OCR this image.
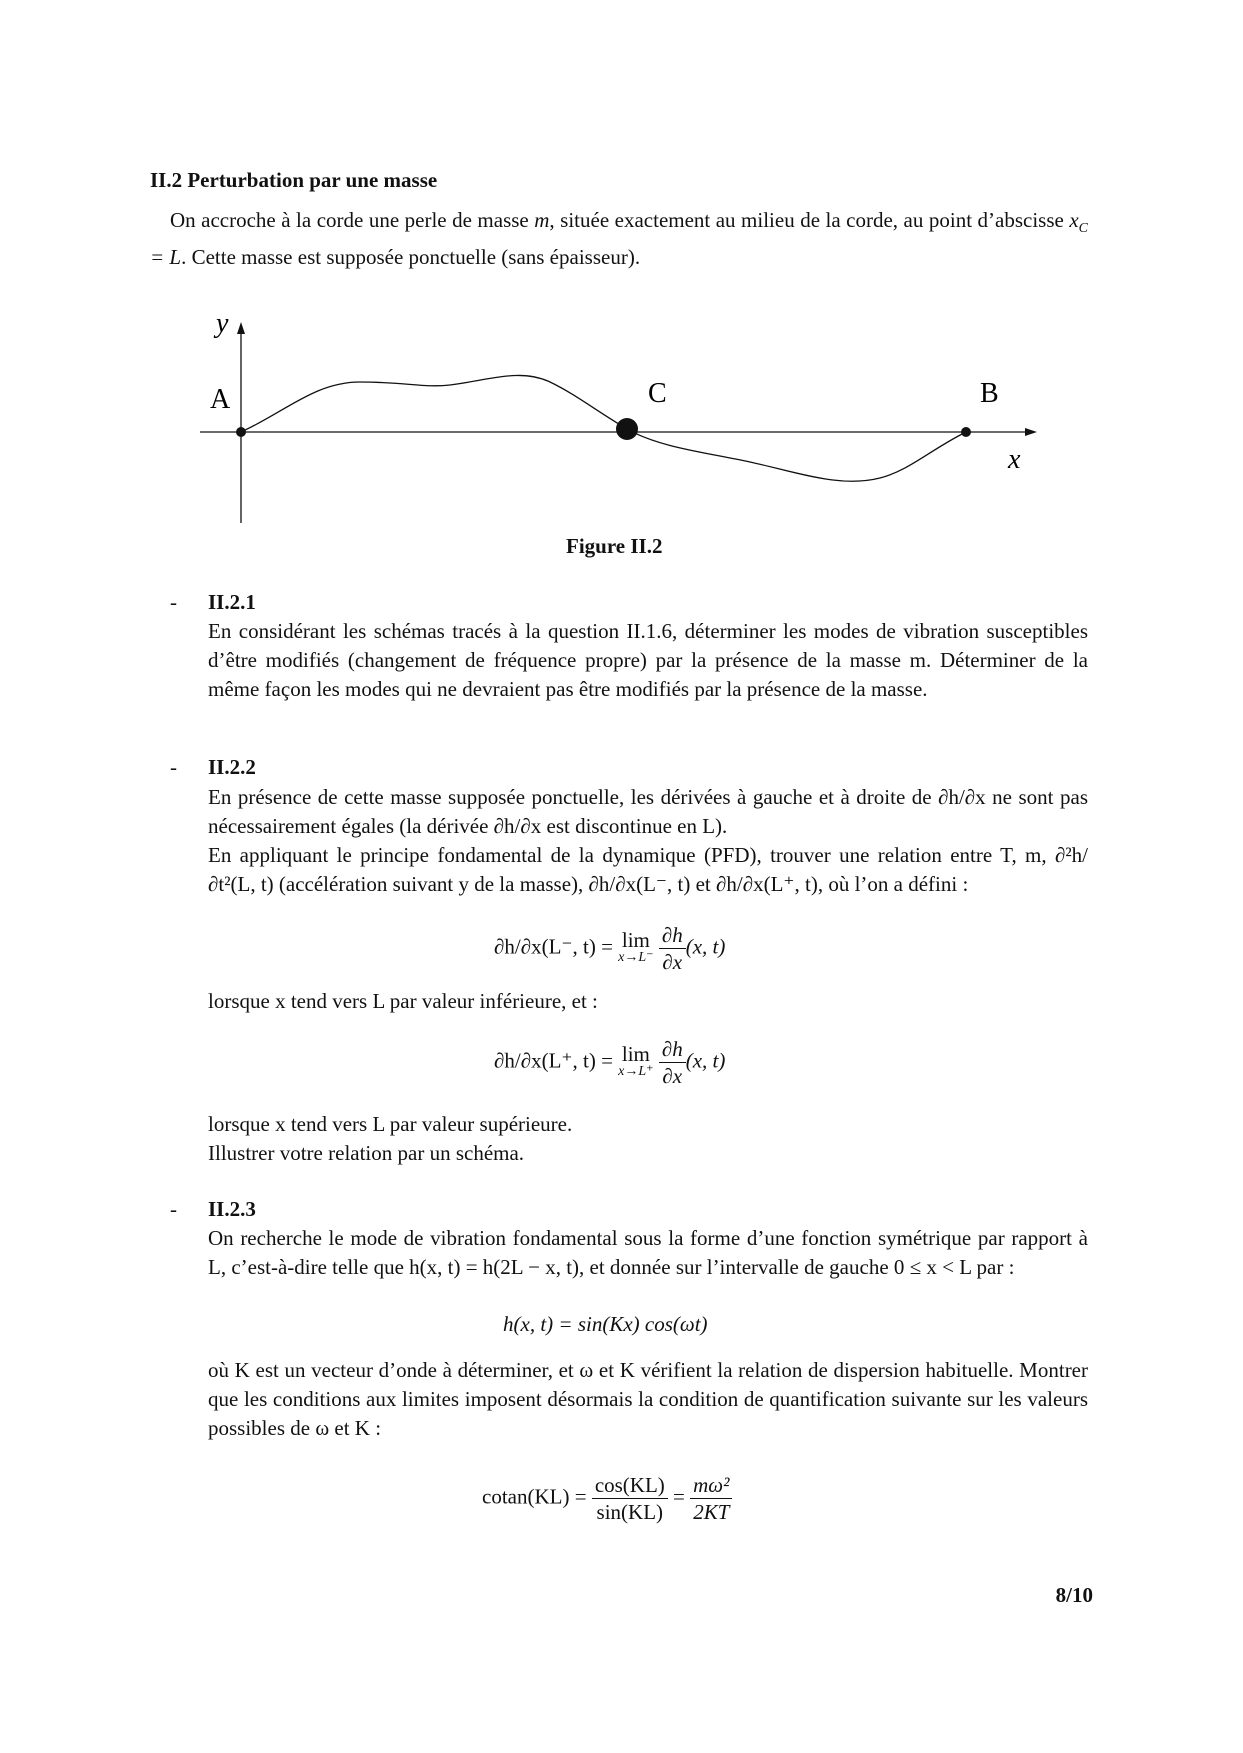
II.2 Perturbation par une masse
On accroche à la corde une perle de masse m, située exactement au milieu de la corde, au point d’abscisse $x_C = L$. Cette masse est supposée ponctuelle (sans épaisseur).
y
A	C	B
x
Figure II.2
- II.2.1
En considérant les schémas tracés à la question II.1.6, déterminer les modes de vibration susceptibles d’être modifiés (changement de fréquence propre) par la présence de la masse m. Déterminer de la même façon les modes qui ne devraient pas être modifiés par la présence de la masse.
- II.2.2
En présence de cette masse supposée ponctuelle, les dérivées à gauche et à droite de ∂h/∂x ne sont pas nécessairement égales (la dérivée ∂h/∂x est discontinue en L).
En appliquant le principe fondamental de la dynamique (PFD), trouver une relation entre T, m, ∂²h/∂t²(L, t) (accélération suivant y de la masse), ∂h/∂x(L⁻, t) et ∂h/∂x(L⁺, t), où l’on a défini :
∂h/∂x(L⁻, t) = lim
x→L⁻
$\frac{\partial h}{\partial x} (x$, t)
lorsque x tend vers L par valeur inférieure, et :
∂h/∂x(L⁺, t) = lim
x→L⁺
$\frac{\partial h}{\partial x} (x$, t)
lorsque x tend vers L par valeur supérieure.
Illustrer votre relation par un schéma.
- II.2.3
On recherche le mode de vibration fondamental sous la forme d’une fonction symétrique par rapport à L, c’est-à-dire telle que h(x, t) = h(2L − x, t), et donnée sur l’intervalle de gauche 0 ≤ x < L par :
h(x, t) = sin(Kx) cos(ωt)
où K est un vecteur d’onde à déterminer, et ω et K vérifient la relation de dispersion habituelle. Montrer que les conditions aux limites imposent désormais la condition de quantification suivante sur les valeurs possibles de ω et K :
$cotan(KL) = \frac{\cos(KL)}{\sin(KL)} = \frac{\text{mω²}}{2KT}$
8/10
